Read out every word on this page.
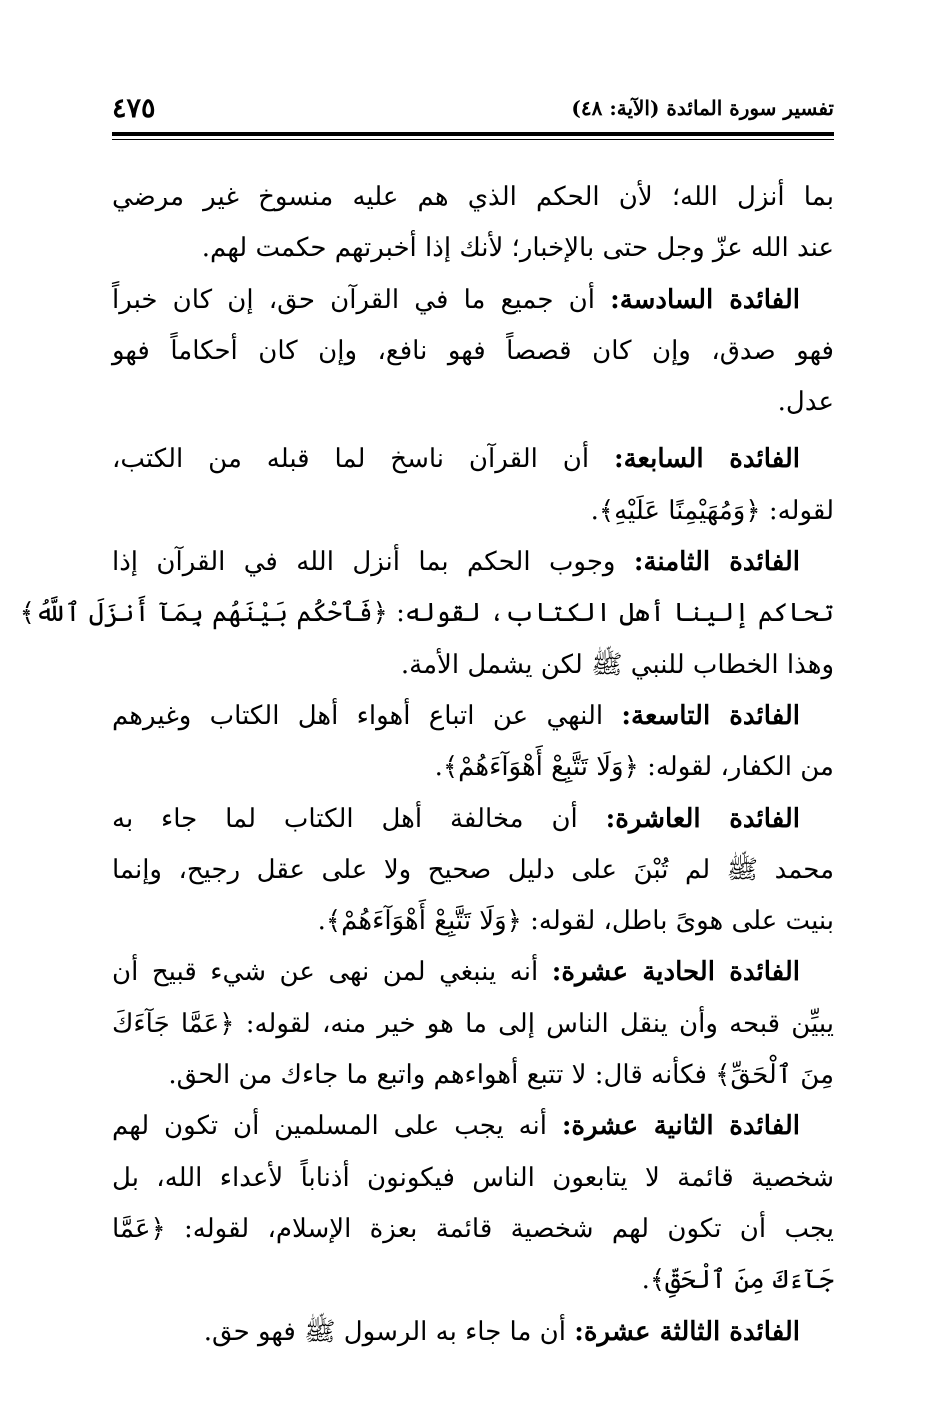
تفسير سورة المائدة (الآية: ٤٨)
٤٧٥
بما أنزل الله؛ لأن الحكم الذي هم عليه منسوخ غير مرضي
عند الله عزّ وجل حتى بالإخبار؛ لأنك إذا أخبرتهم حكمت لهم.
الفائدة السادسة: أن جميع ما في القرآن حق، إن كان خبراً
فهو صدق، وإن كان قصصاً فهو نافع، وإن كان أحكاماً فهو
عدل.
الفائدة السابعة: أن القرآن ناسخ لما قبله من الكتب،
لقوله: ﴿وَمُهَيْمِنًا عَلَيْهِ﴾.
الفائدة الثامنة: وجوب الحكم بما أنزل الله في القرآن إذا
تحاكم إلينا أهل الكتاب، لقوله: ﴿فَٱحْكُم بَيْنَهُم بِمَآ أَنزَلَ ٱللَّهُ﴾
وهذا الخطاب للنبي ﷺ لكن يشمل الأمة.
الفائدة التاسعة: النهي عن اتباع أهواء أهل الكتاب وغيرهم
من الكفار، لقوله: ﴿وَلَا تَتَّبِعْ أَهْوَآءَهُمْ﴾.
الفائدة العاشرة: أن مخالفة أهل الكتاب لما جاء به
محمد ﷺ لم تُبْنَ على دليل صحيح ولا على عقل رجيح، وإنما
بنيت على هوىً باطل، لقوله: ﴿وَلَا تَتَّبِعْ أَهْوَآءَهُمْ﴾.
الفائدة الحادية عشرة: أنه ينبغي لمن نهى عن شيء قبيح أن
يبيِّن قبحه وأن ينقل الناس إلى ما هو خير منه، لقوله: ﴿عَمَّا جَآءَكَ
مِنَ ٱلْحَقِّ﴾ فكأنه قال: لا تتبع أهواءهم واتبع ما جاءك من الحق.
الفائدة الثانية عشرة: أنه يجب على المسلمين أن تكون لهم
شخصية قائمة لا يتابعون الناس فيكونون أذناباً لأعداء الله، بل
يجب أن تكون لهم شخصية قائمة بعزة الإسلام، لقوله: ﴿عَمَّا
جَآءَكَ مِنَ ٱلْحَقِّ﴾.
الفائدة الثالثة عشرة: أن ما جاء به الرسول ﷺ فهو حق.
